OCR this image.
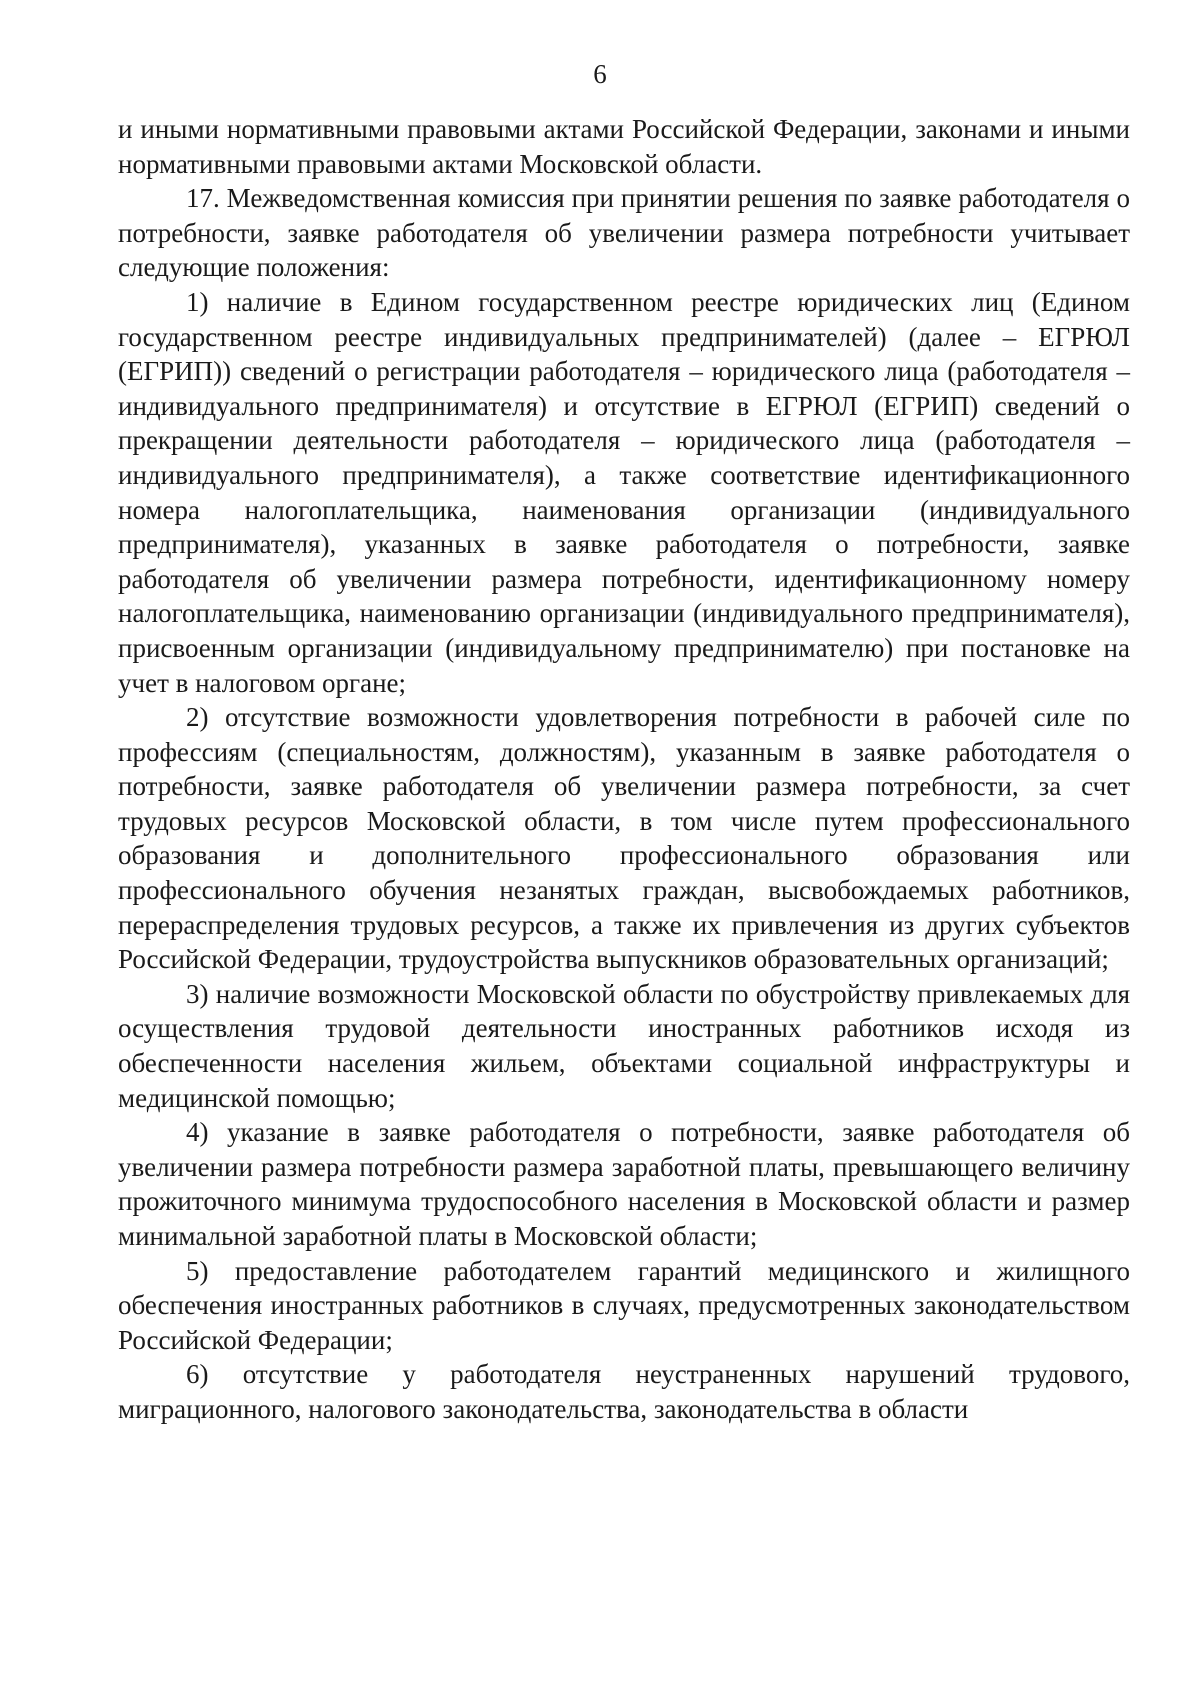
6

и иными нормативными правовыми актами Российской Федерации, законами и иными нормативными правовыми актами Московской области.

17. Межведомственная комиссия при принятии решения по заявке работодателя о потребности, заявке работодателя об увеличении размера потребности учитывает следующие положения:

1) наличие в Едином государственном реестре юридических лиц (Едином государственном реестре индивидуальных предпринимателей) (далее – ЕГРЮЛ (ЕГРИП)) сведений о регистрации работодателя – юридического лица (работодателя – индивидуального предпринимателя) и отсутствие в ЕГРЮЛ (ЕГРИП) сведений о прекращении деятельности работодателя – юридического лица (работодателя – индивидуального предпринимателя), а также соответствие идентификационного номера налогоплательщика, наименования организации (индивидуального предпринимателя), указанных в заявке работодателя о потребности, заявке работодателя об увеличении размера потребности, идентификационному номеру налогоплательщика, наименованию организации (индивидуального предпринимателя), присвоенным организации (индивидуальному предпринимателю) при постановке на учет в налоговом органе;

2) отсутствие возможности удовлетворения потребности в рабочей силе по профессиям (специальностям, должностям), указанным в заявке работодателя о потребности, заявке работодателя об увеличении размера потребности, за счет трудовых ресурсов Московской области, в том числе путем профессионального образования и дополнительного профессионального образования или профессионального обучения незанятых граждан, высвобождаемых работников, перераспределения трудовых ресурсов, а также их привлечения из других субъектов Российской Федерации, трудоустройства выпускников образовательных организаций;

3) наличие возможности Московской области по обустройству привлекаемых для осуществления трудовой деятельности иностранных работников исходя из обеспеченности населения жильем, объектами социальной инфраструктуры и медицинской помощью;

4) указание в заявке работодателя о потребности, заявке работодателя об увеличении размера потребности размера заработной платы, превышающего величину прожиточного минимума трудоспособного населения в Московской области и размер минимальной заработной платы в Московской области;

5) предоставление работодателем гарантий медицинского и жилищного обеспечения иностранных работников в случаях, предусмотренных законодательством Российской Федерации;

6) отсутствие у работодателя неустраненных нарушений трудового, миграционного, налогового законодательства, законодательства в области
